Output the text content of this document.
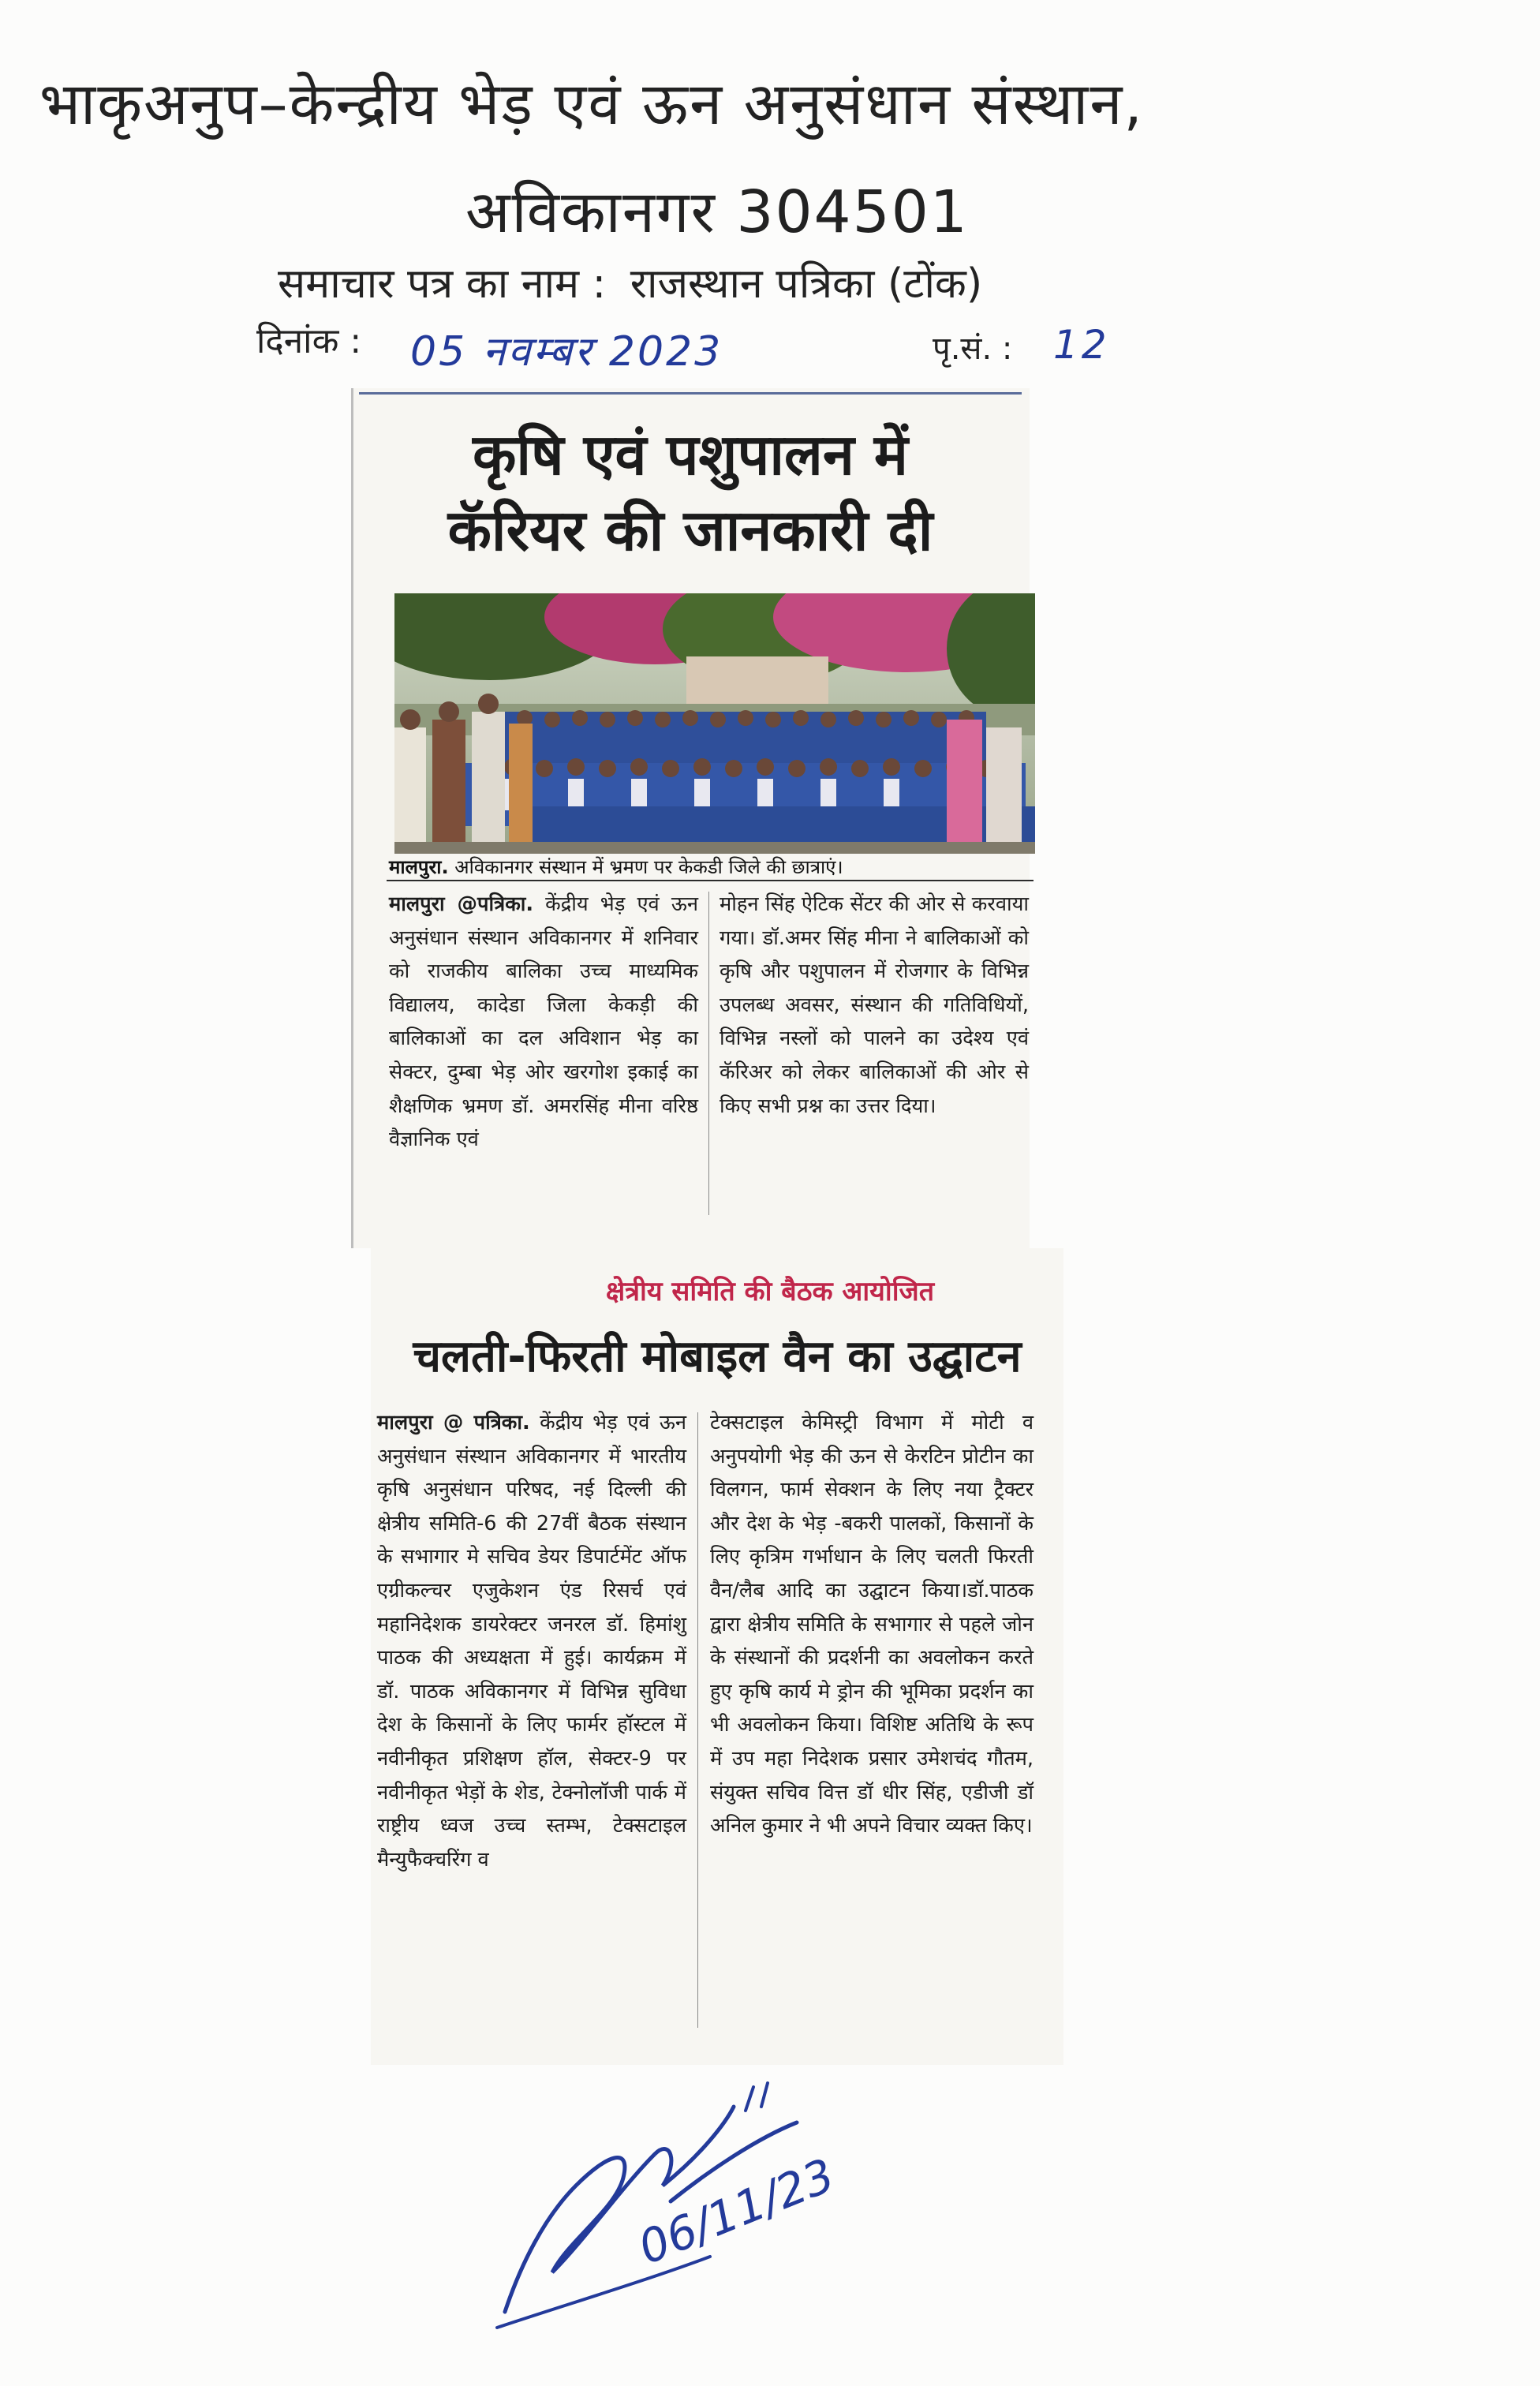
भाकृअनुप–केन्द्रीय भेड़ एवं ऊन अनुसंधान संस्थान,
अविकानगर 304501
समाचार पत्र का नाम : राजस्थान पत्रिका (टोंक)
दिनांक : 05 नवम्बर 2023	पृ.सं. : 12
कृषि एवं पशुपालन में
कॅरियर की जानकारी दी
मालपुरा. अविकानगर संस्थान में भ्रमण पर केकडी जिले की छात्राएं।
मालपुरा @पत्रिका. केंद्रीय भेड़ एवं ऊन अनुसंधान संस्थान अविकानगर में शनिवार को राजकीय बालिका उच्च माध्यमिक विद्यालय, कादेडा जिला केकड़ी की बालिकाओं का दल अविशान भेड़ का सेक्टर, दुम्बा भेड़ ओर खरगोश इकाई का शैक्षणिक भ्रमण डॉ. अमरसिंह मीना वरिष्ठ वैज्ञानिक एवं
मोहन सिंह ऐटिक सेंटर की ओर से करवाया गया। डॉ.अमर सिंह मीना ने बालिकाओं को कृषि और पशुपालन में रोजगार के विभिन्न उपलब्ध अवसर, संस्थान की गतिविधियों, विभिन्न नस्लों को पालने का उदेश्य एवं कॅरिअर को लेकर बालिकाओं की ओर से किए सभी प्रश्न का उत्तर दिया।
क्षेत्रीय समिति की बैठक आयोजित
चलती-फिरती मोबाइल वैन का उद्घाटन
मालपुरा @ पत्रिका. केंद्रीय भेड़ एवं ऊन अनुसंधान संस्थान अविकानगर में भारतीय कृषि अनुसंधान परिषद, नई दिल्ली की क्षेत्रीय समिति-6 की 27वीं बैठक संस्थान के सभागार मे सचिव डेयर डिपार्टमेंट ऑफ एग्रीकल्चर एजुकेशन एंड रिसर्च एवं महानिदेशक डायरेक्टर जनरल डॉ. हिमांशु पाठक की अध्यक्षता में हुई। कार्यक्रम में डॉ. पाठक अविकानगर में विभिन्न सुविधा देश के किसानों के लिए फार्मर हॉस्टल में नवीनीकृत प्रशिक्षण हॉल, सेक्टर-9 पर नवीनीकृत भेड़ों के शेड, टेक्नोलॉजी पार्क में राष्ट्रीय ध्वज उच्च स्तम्भ, टेक्सटाइल मैन्युफैक्चरिंग व
टेक्सटाइल केमिस्ट्री विभाग में मोटी व अनुपयोगी भेड़ की ऊन से केरटिन प्रोटीन का विलगन, फार्म सेक्शन के लिए नया ट्रैक्टर और देश के भेड़ -बकरी पालकों, किसानों के लिए कृत्रिम गर्भाधान के लिए चलती फिरती वैन/लैब आदि का उद्घाटन किया।डॉ.पाठक द्वारा क्षेत्रीय समिति के सभागार से पहले जोन के संस्थानों की प्रदर्शनी का अवलोकन करते हुए कृषि कार्य मे ड्रोन की भूमिका प्रदर्शन का भी अवलोकन किया। विशिष्ट अतिथि के रूप में उप महा निदेशक प्रसार उमेशचंद गौतम, संयुक्त सचिव वित्त डॉ धीर सिंह, एडीजी डॉ अनिल कुमार ने भी अपने विचार व्यक्त किए।
06/11/23
